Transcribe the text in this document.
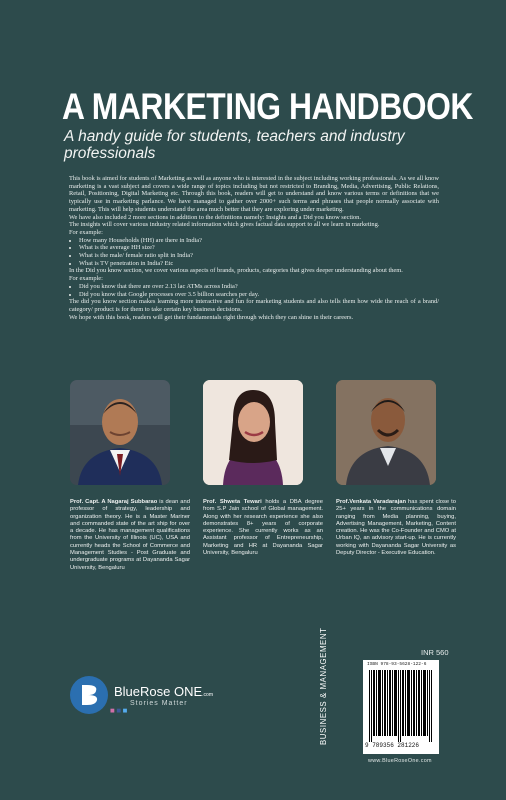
A MARKETING HANDBOOK
A handy guide for students, teachers and industry professionals

This book is aimed for students of Marketing as well as anyone who is interested in the subject including working professionals. As we all know marketing is a vast subject and covers a wide range of topics including but not restricted to Branding, Media, Advertising, Public Relations, Retail, Positioning, Digital Marketing etc. Through this book, readers will get to understand and know various terms or definitions that we typically use in marketing parlance. We have managed to gather over 2000+ such terms and phrases that people normally associate with marketing. This will help students understand the area much better that they are exploring under marketing.

We have also included 2 more sections in addition to the definitions namely: Insights and a Did you know section.

The insights will cover various industry related information which gives factual data support to all we learn in marketing.

For example:

• How many Households (HH) are there in India?
• What is the average HH size?
• What is the male/ female ratio split in India?
• What is TV penetration in India? Etc

In the Did you know section, we cover various aspects of brands, products, categories that gives deeper understanding about them.

For example:

• Did you know that there are over 2.13 lac ATMs across India?
• Did you know that Google processes over 3.5 billion searches per day.

The did you know section makes learning more interactive and fun for marketing students and also tells them how wide the reach of a brand/ category/ product is for them to take certain key business decisions.

We hope with this book, readers will get their fundamentals right through which they can shine in their careers.

Prof. Capt. A Nagaraj Subbarao is dean and professor of strategy, leadership and organization theory. He is a Master Mariner and commanded state of the art ship for over a decade. He has management qualifications from the University of Illinois (UC), USA and currently heads the School of Commerce and Management Studies - Post Graduate and undergraduate programs at Dayananda Sagar University, Bengaluru
Prof. Shweta Tewari holds a DBA degree from S.P Jain school of Global management. Along with her research experience she also demonstrates 8+ years of corporate experience. She currently works as an Assistant professor of Entrepreneurship, Marketing and HR at Dayananda Sagar University, Bengaluru
Prof.Venkata Varadarajan has spent close to 25+ years in the communications domain ranging from Media planning, buying, Advertising Management, Marketing, Content creation. He was the Co-Founder and CMO at Urban IQ, an advisory start-up. He is currently working with Dayananda Sagar University as Deputy Director - Executive Education.
BlueRose ONE.com
Stories Matter
■ ■ ■
INR 560
BUSINESS & MANAGEMENT	ISBN 978-93-5628-122-6
9 789356 281226
www.BlueRoseOne.com
